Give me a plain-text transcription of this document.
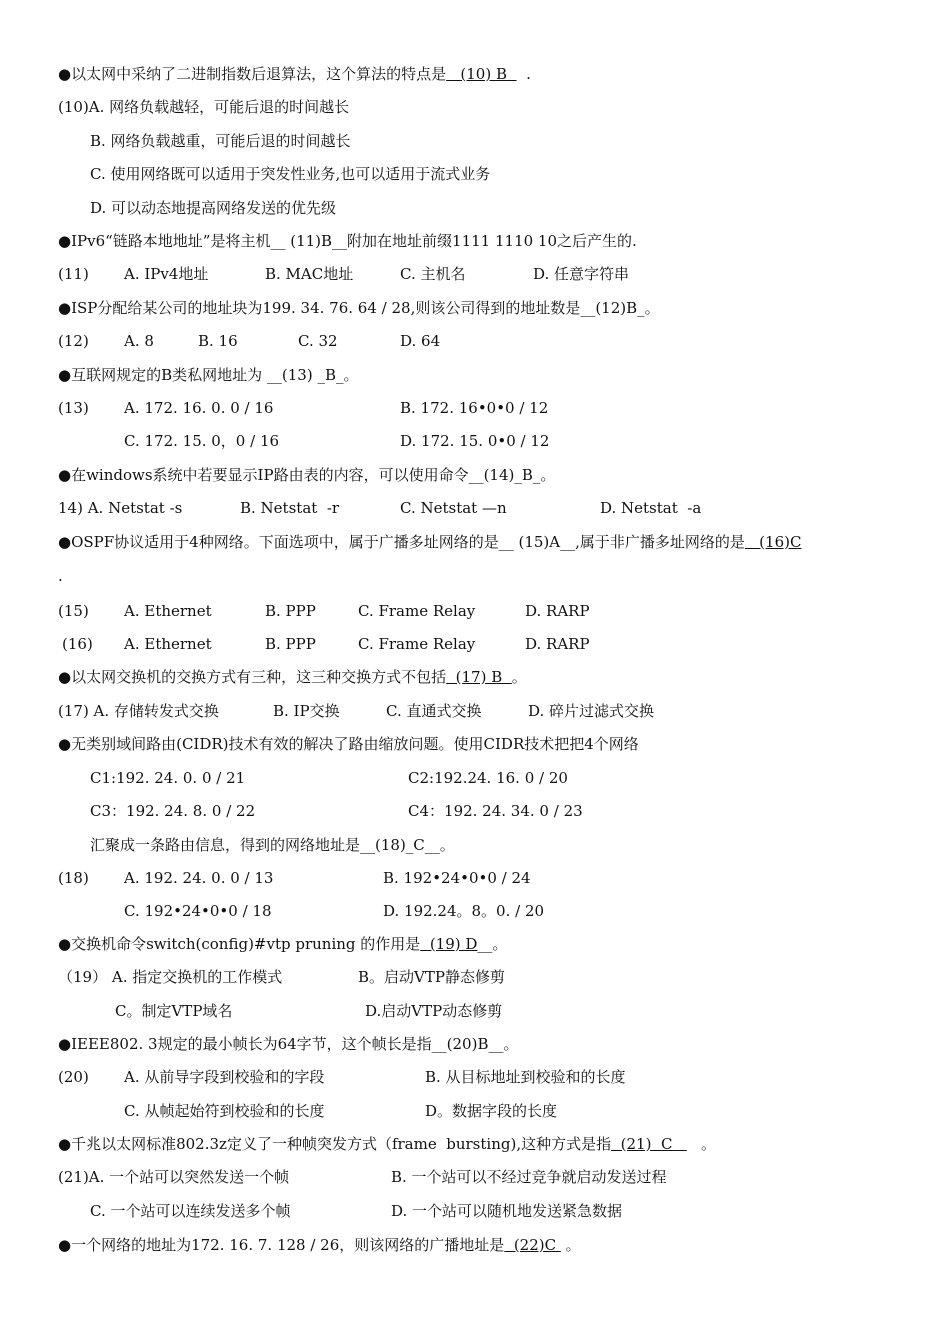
●以太网中采纳了二进制指数后退算法，这个算法的特点是   (10) B    .
(10)A. 网络负载越轻，可能后退的时间越长
B. 网络负载越重，可能后退的时间越长
C. 使用网络既可以适用于突发性业务,也可以适用于流式业务
D. 可以动态地提高网络发送的优先级
●IPv6“链路本地地址”是将主机__ (11)B__附加在地址前缀1111 1110 10之后产生的.
(11) A. IPv4地址	B. MAC地址	C. 主机名	D. 任意字符串
●ISP分配给某公司的地址块为199. 34. 76. 64 / 28,则该公司得到的地址数是__(12)B_。
(12) A. 8	B. 16	C. 32	D. 64
●互联网规定的B类私网地址为 __(13) _B_。
(13) A. 172. 16. 0. 0 / 16	B. 172. 16•0•0 / 12
C. 172. 15. 0，0 / 16	D. 172. 15. 0•0 / 12
●在windows系统中若要显示IP路由表的内容，可以使用命令__(14)_B_。
14) A. Netstat -s	B. Netstat  -r	C. Netstat —n	D. Netstat  -a
●OSPF协议适用于4种网络。下面选项中，属于广播多址网络的是__ (15)A__,属于非广播多址网络的是   (16)C
.
(15) A. Ethernet	B. PPP	C. Frame Relay	D. RARP
(16) A. Ethernet	B. PPP	C. Frame Relay	D. RARP
●以太网交换机的交换方式有三种，这三种交换方式不包括  (17) B  。
(17) A. 存储转发式交换	B. IP交换	C. 直通式交换	D. 碎片过滤式交换
●无类别域间路由(CIDR)技术有效的解决了路由缩放问题。使用CIDR技术把把4个网络
C1:192. 24. 0. 0 / 21	C2:192.24. 16. 0 / 20
C3：192. 24. 8. 0 / 22	C4：192. 24. 34. 0 / 23
汇聚成一条路由信息，得到的网络地址是__(18)_C__。
(18) A. 192. 24. 0. 0 / 13	B. 192•24•0•0 / 24
C. 192•24•0•0 / 18	D. 192.24。8。0. / 20
●交换机命令switch(config)#vtp pruning 的作用是  (19) D__。
（19） A. 指定交换机的工作模式	B。启动VTP静态修剪
C。制定VTP域名	D.启动VTP动态修剪
●IEEE802. 3规定的最小帧长为64字节，这个帧长是指__(20)B__。
(20) A. 从前导字段到校验和的字段	B. 从目标地址到校验和的长度
C. 从帧起始符到校验和的长度	D。数据字段的长度
●千兆以太网标准802.3z定义了一种帧突发方式（frame  bursting),这种方式是指  (21)  C      。
(21)A. 一个站可以突然发送一个帧	B. 一个站可以不经过竞争就启动发送过程
C. 一个站可以连续发送多个帧	D. 一个站可以随机地发送紧急数据
●一个网络的地址为172. 16. 7. 128 / 26，则该网络的广播地址是  (22)C  。
